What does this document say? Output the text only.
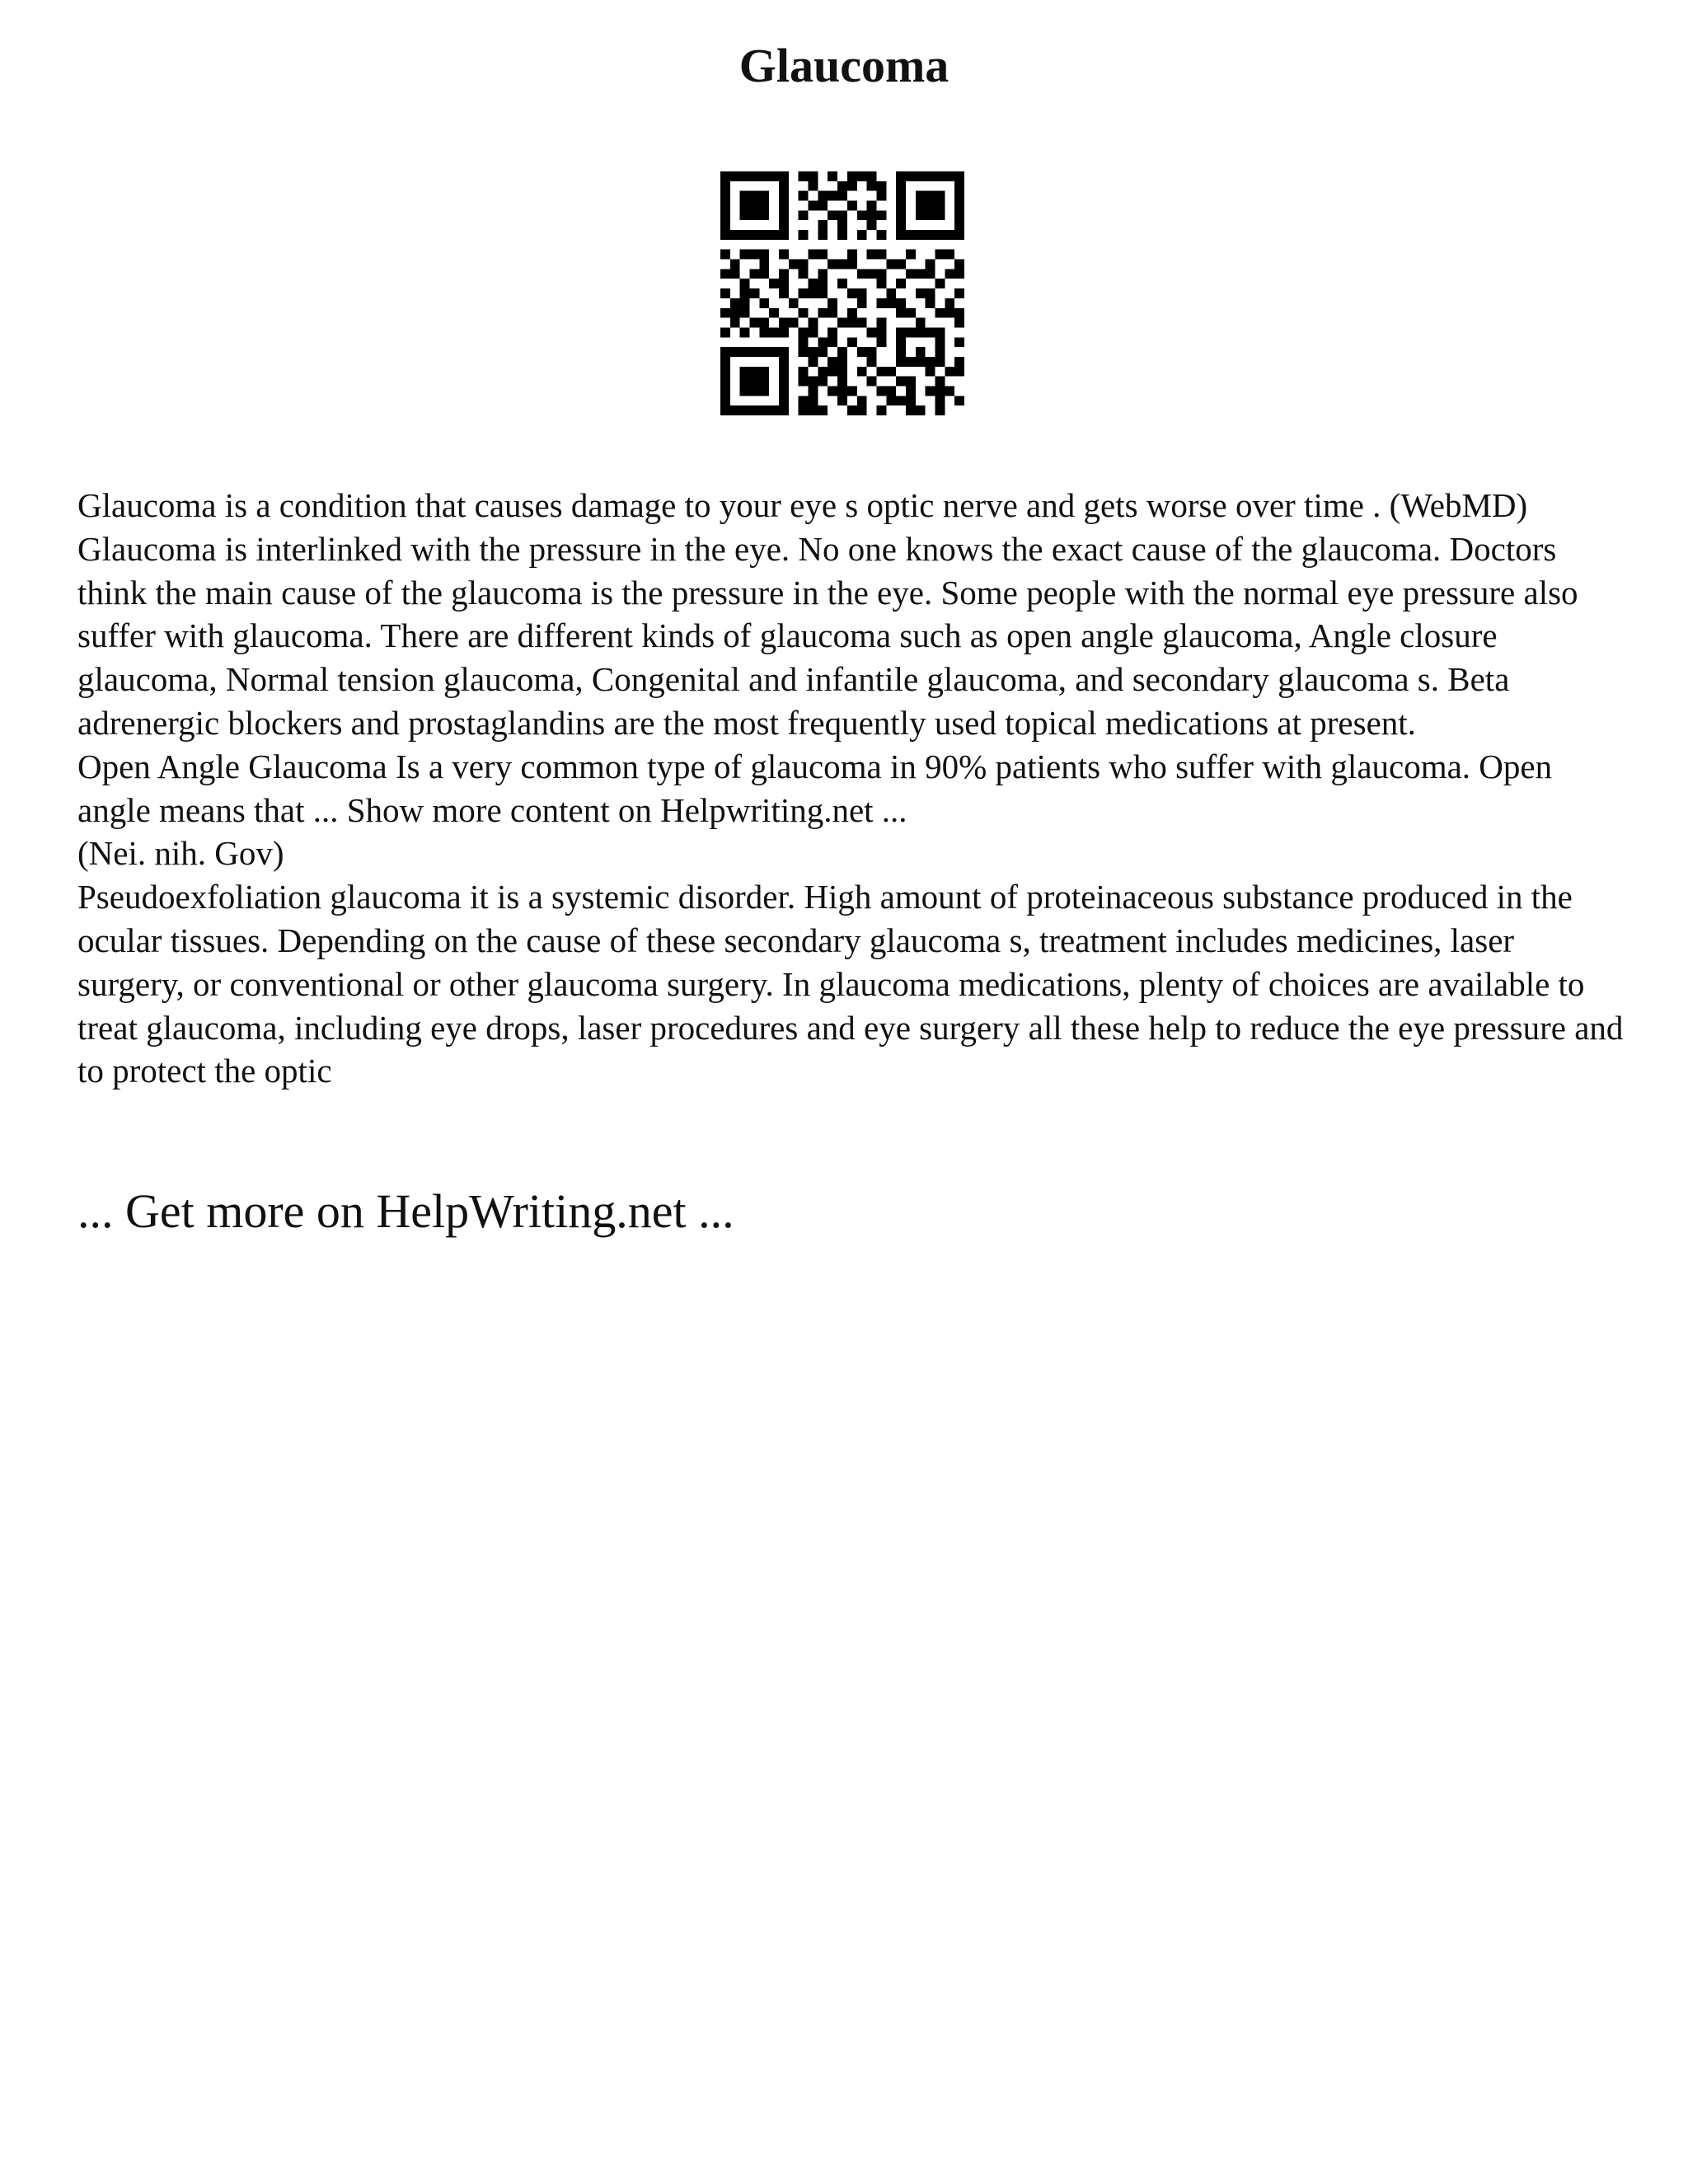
Glaucoma

Glaucoma is a condition that causes damage to your eye s optic nerve and gets worse over time . (WebMD) Glaucoma is interlinked with the pressure in the eye. No one knows the exact cause of the glaucoma. Doctors think the main cause of the glaucoma is the pressure in the eye. Some people with the normal eye pressure also suffer with glaucoma. There are different kinds of glaucoma such as open angle glaucoma, Angle closure glaucoma, Normal tension glaucoma, Congenital and infantile glaucoma, and secondary glaucoma s. Beta adrenergic blockers and prostaglandins are the most frequently used topical medications at present.

Open Angle Glaucoma Is a very common type of glaucoma in 90% patients who suffer with glaucoma. Open angle means that ... Show more content on Helpwriting.net ...

(Nei. nih. Gov)

Pseudoexfoliation glaucoma it is a systemic disorder. High amount of proteinaceous substance produced in the ocular tissues. Depending on the cause of these secondary glaucoma s, treatment includes medicines, laser surgery, or conventional or other glaucoma surgery. In glaucoma medications, plenty of choices are available to treat glaucoma, including eye drops, laser procedures and eye surgery all these help to reduce the eye pressure and to protect the optic

... Get more on HelpWriting.net ...
